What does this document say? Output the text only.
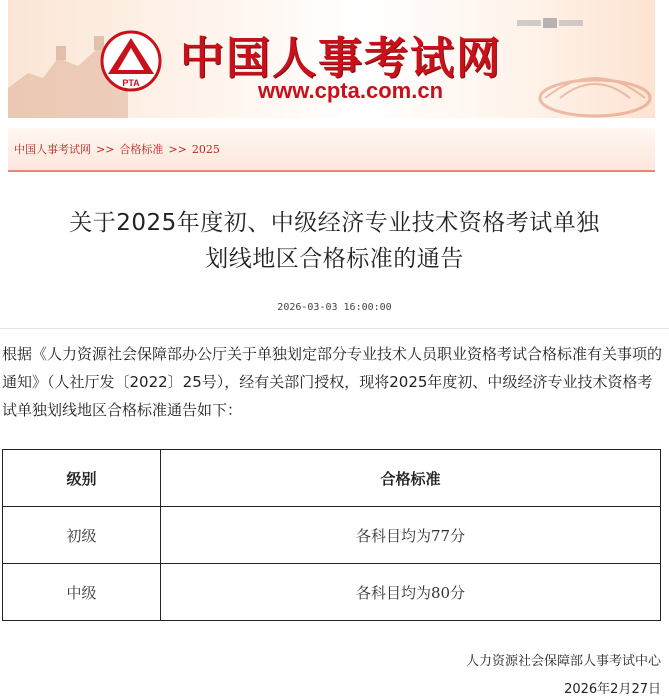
PTA 中国人事考试网
www.cpta.com.cn
中国人事考试网 >> 合格标准 >> 2025
关于2025年度初、中级经济专业技术资格考试单独
划线地区合格标准的通告
2026-03-03 16:00:00
根据《人力资源社会保障部办公厅关于单独划定部分专业技术人员职业资格考试合格标准有关事项的通知》（人社厅发〔2022〕25号），经有关部门授权，现将2025年度初、中级经济专业技术资格考试单独划线地区合格标准通告如下：
级别	合格标准
初级	各科目均为77分
中级	各科目均为80分
人力资源社会保障部人事考试中心
2026年2月27日
